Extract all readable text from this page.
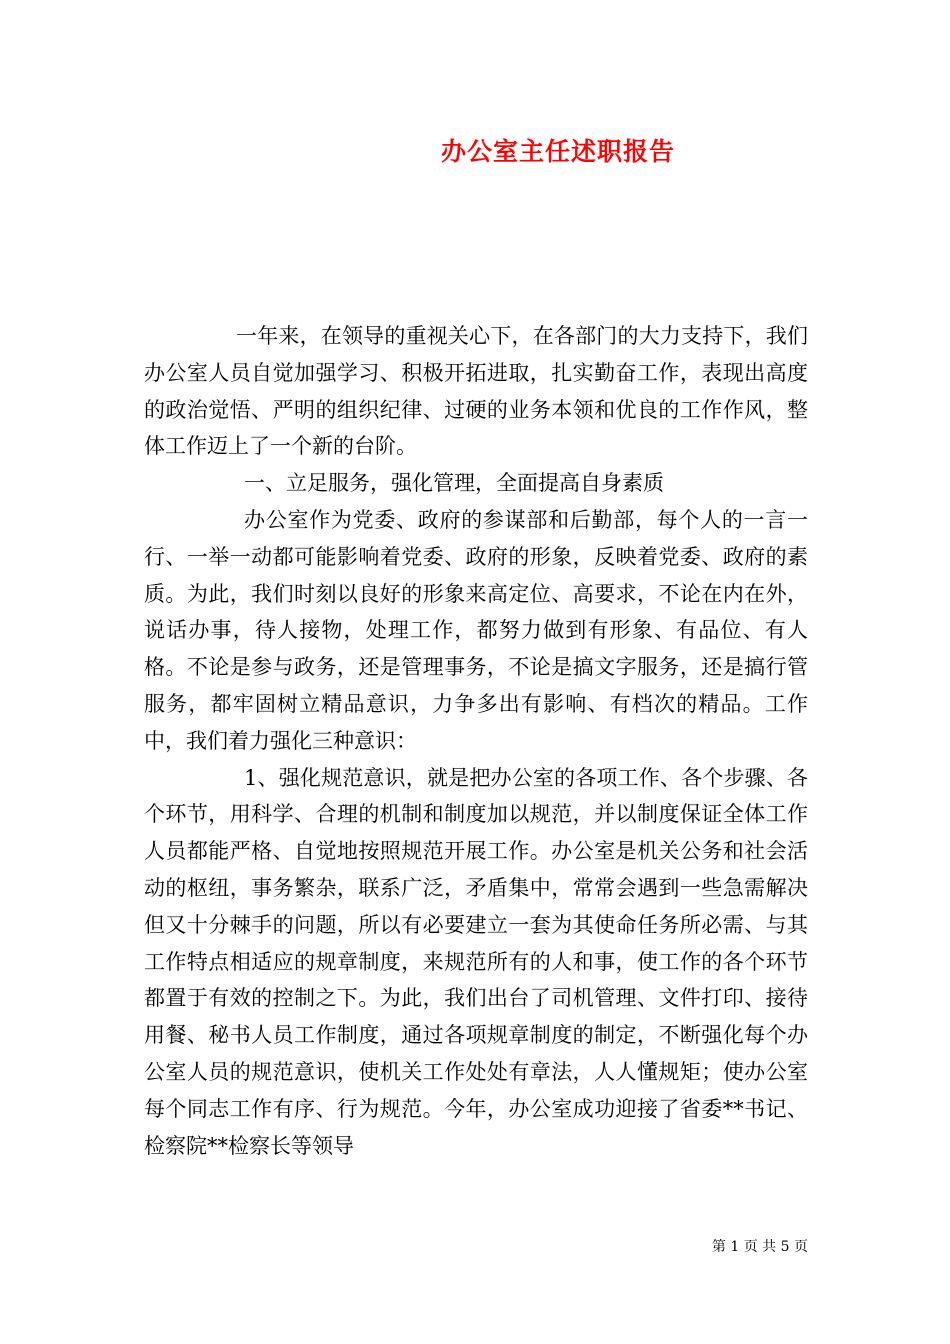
办公室主任述职报告

一年来，在领导的重视关心下，在各部门的大力支持下，我们办公室人员自觉加强学习、积极开拓进取，扎实勤奋工作，表现出高度的政治觉悟、严明的组织纪律、过硬的业务本领和优良的工作作风，整体工作迈上了一个新的台阶。

一、立足服务，强化管理，全面提高自身素质

办公室作为党委、政府的参谋部和后勤部，每个人的一言一行、一举一动都可能影响着党委、政府的形象，反映着党委、政府的素质。为此，我们时刻以良好的形象来高定位、高要求，不论在内在外，说话办事，待人接物，处理工作，都努力做到有形象、有品位、有人格。不论是参与政务，还是管理事务，不论是搞文字服务，还是搞行管服务，都牢固树立精品意识，力争多出有影响、有档次的精品。工作中，我们着力强化三种意识：

1、强化规范意识，就是把办公室的各项工作、各个步骤、各个环节，用科学、合理的机制和制度加以规范，并以制度保证全体工作人员都能严格、自觉地按照规范开展工作。办公室是机关公务和社会活动的枢纽，事务繁杂，联系广泛，矛盾集中，常常会遇到一些急需解决但又十分棘手的问题，所以有必要建立一套为其使命任务所必需、与其工作特点相适应的规章制度，来规范所有的人和事，使工作的各个环节都置于有效的控制之下。为此，我们出台了司机管理、文件打印、接待用餐、秘书人员工作制度，通过各项规章制度的制定，不断强化每个办公室人员的规范意识，使机关工作处处有章法，人人懂规矩；使办公室每个同志工作有序、行为规范。今年，办公室成功迎接了省委**书记、检察院**检察长等领导

第 1 页 共 5 页
